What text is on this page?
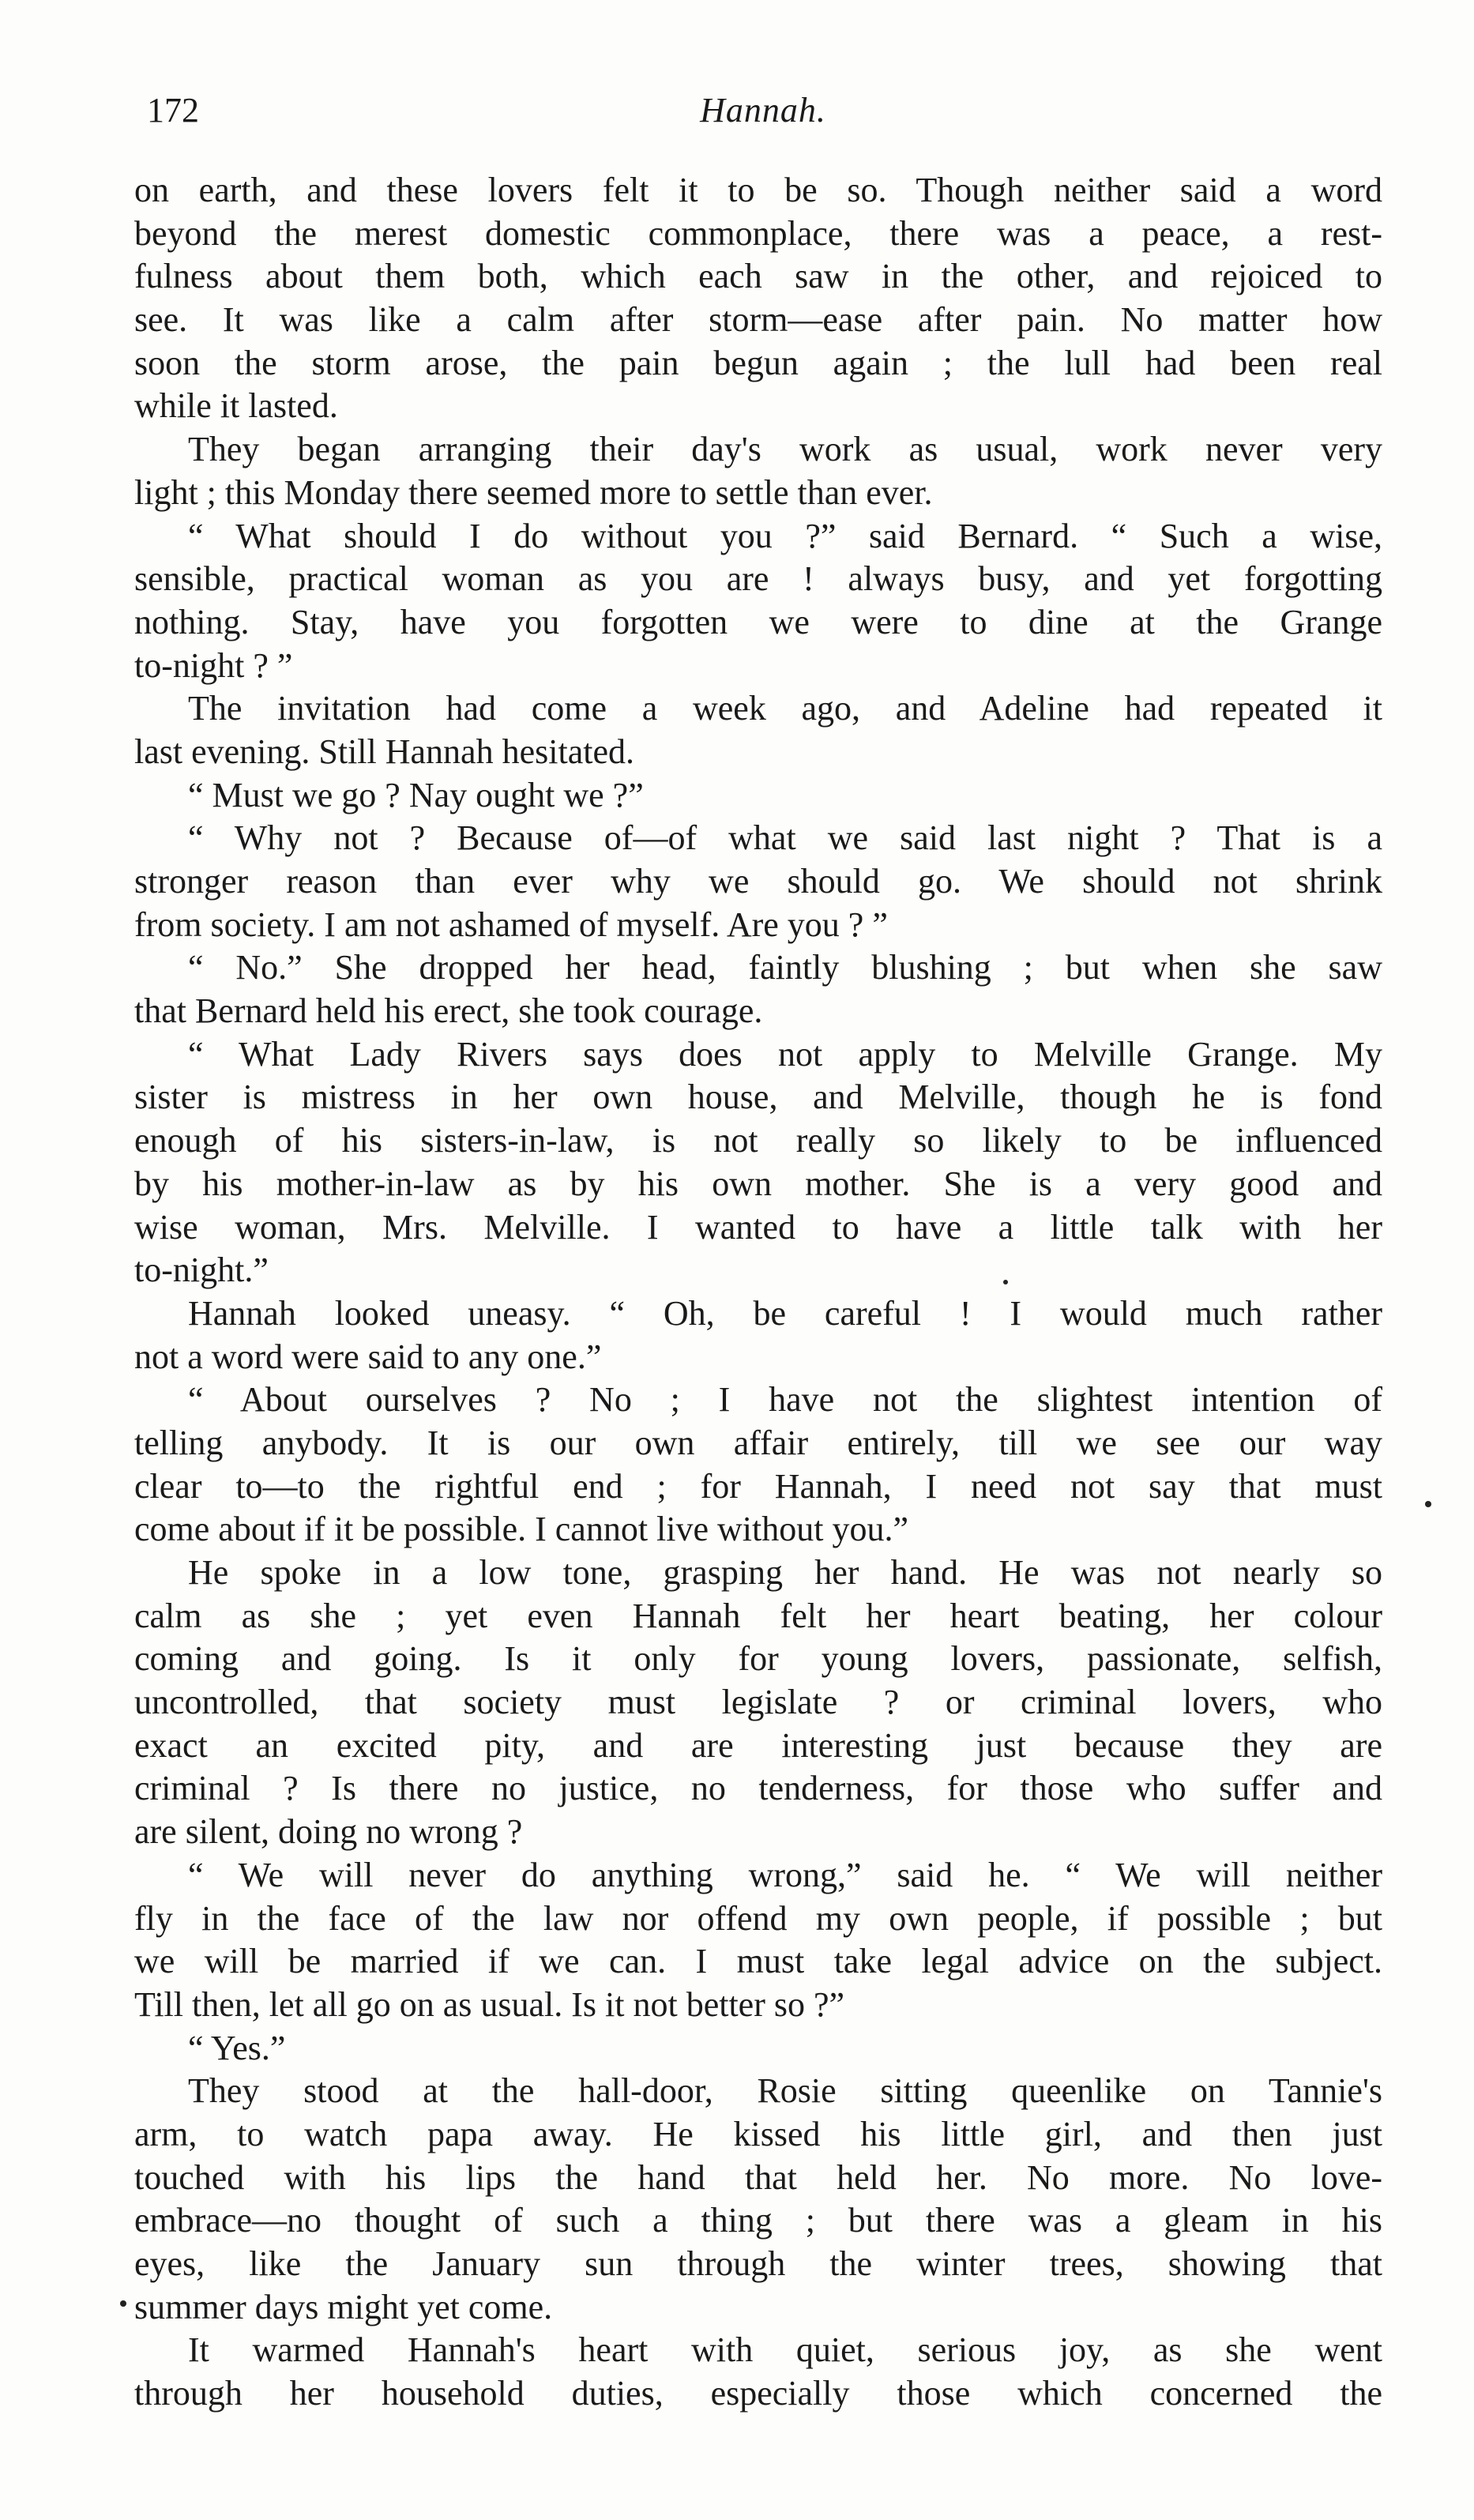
172	Hannah.
on earth, and these lovers felt it to be so. Though neither said a word
beyond the merest domestic commonplace, there was a peace, a rest-
fulness about them both, which each saw in the other, and rejoiced to
see. It was like a calm after storm—ease after pain. No matter how
soon the storm arose, the pain begun again ; the lull had been real
while it lasted.
They began arranging their day's work as usual, work never very
light ; this Monday there seemed more to settle than ever.
“ What should I do without you ?” said Bernard. “ Such a wise,
sensible, practical woman as you are ! always busy, and yet forgotting
nothing. Stay, have you forgotten we were to dine at the Grange
to-night ? ”
The invitation had come a week ago, and Adeline had repeated it
last evening. Still Hannah hesitated.
“ Must we go ? Nay ought we ?”
“ Why not ? Because of—of what we said last night ? That is a
stronger reason than ever why we should go. We should not shrink
from society. I am not ashamed of myself. Are you ? ”
“ No.” She dropped her head, faintly blushing ; but when she saw
that Bernard held his erect, she took courage.
“ What Lady Rivers says does not apply to Melville Grange. My
sister is mistress in her own house, and Melville, though he is fond
enough of his sisters-in-law, is not really so likely to be influenced
by his mother-in-law as by his own mother. She is a very good and
wise woman, Mrs. Melville. I wanted to have a little talk with her
to-night.”
Hannah looked uneasy. “ Oh, be careful ! I would much rather
not a word were said to any one.”
“ About ourselves ? No ; I have not the slightest intention of
telling anybody. It is our own affair entirely, till we see our way
clear to—to the rightful end ; for Hannah, I need not say that must
come about if it be possible. I cannot live without you.”
He spoke in a low tone, grasping her hand. He was not nearly so
calm as she ; yet even Hannah felt her heart beating, her colour
coming and going. Is it only for young lovers, passionate, selfish,
uncontrolled, that society must legislate ? or criminal lovers, who
exact an excited pity, and are interesting just because they are
criminal ? Is there no justice, no tenderness, for those who suffer and
are silent, doing no wrong ?
“ We will never do anything wrong,” said he. “ We will neither
fly in the face of the law nor offend my own people, if possible ; but
we will be married if we can. I must take legal advice on the subject.
Till then, let all go on as usual. Is it not better so ?”
“ Yes.”
They stood at the hall-door, Rosie sitting queenlike on Tannie's
arm, to watch papa away. He kissed his little girl, and then just
touched with his lips the hand that held her. No more. No love-
embrace—no thought of such a thing ; but there was a gleam in his
eyes, like the January sun through the winter trees, showing that
summer days might yet come.
It warmed Hannah's heart with quiet, serious joy, as she went
through her household duties, especially those which concerned the
